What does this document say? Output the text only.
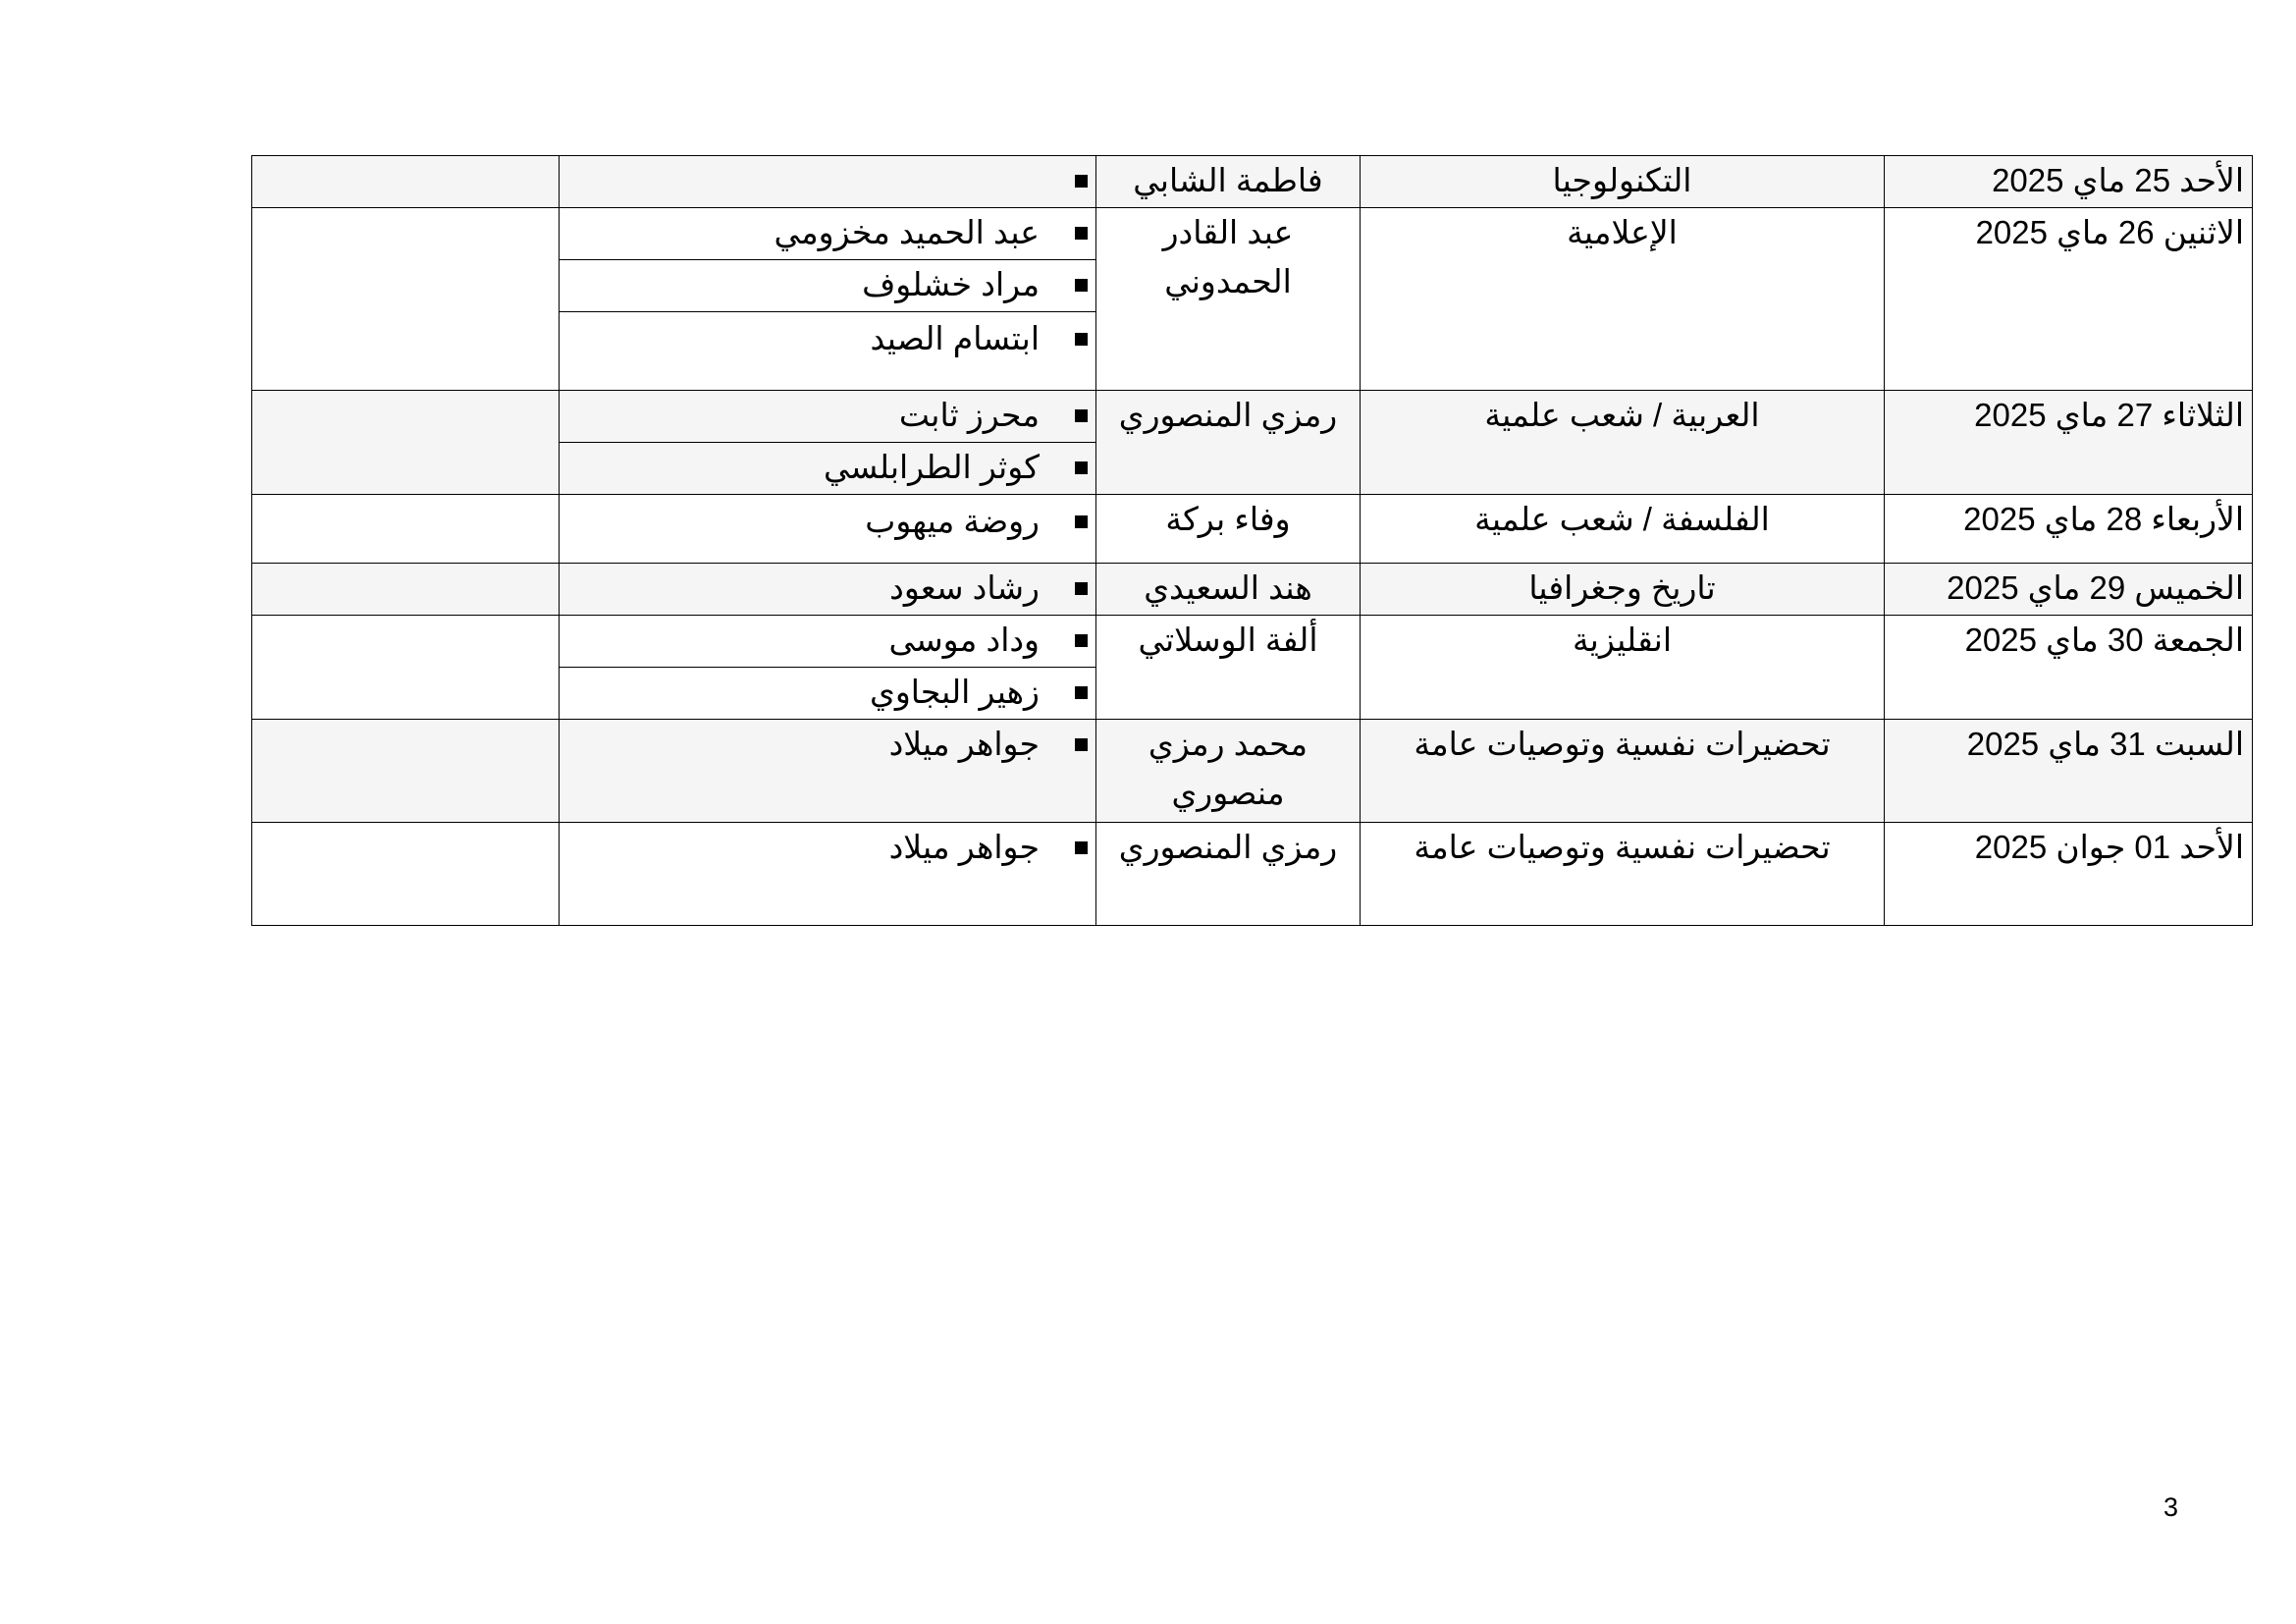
الأحد 25 ماي 2025	التكنولوجيا	فاطمة الشابي		
الاثنين 26 ماي 2025	الإعلامية	عبد القادر الحمدوني	عبد الحميد مخزومي	
			مراد خشلوف	
			ابتسام الصيد	
الثلاثاء 27 ماي 2025	العربية / شعب علمية	رمزي المنصوري	محرز ثابت	
			كوثر الطرابلسي	
الأربعاء 28 ماي 2025	الفلسفة / شعب علمية	وفاء بركة	روضة ميهوب	
الخميس 29 ماي 2025	تاريخ وجغرافيا	هند السعيدي	رشاد سعود	
الجمعة 30 ماي 2025	انقليزية	ألفة الوسلاتي	وداد موسى	
			زهير البجاوي	
السبت 31 ماي 2025	تحضيرات نفسية وتوصيات عامة	محمد رمزي منصوري	جواهر ميلاد	
الأحد 01 جوان 2025	تحضيرات نفسية وتوصيات عامة	رمزي المنصوري	جواهر ميلاد	
3
